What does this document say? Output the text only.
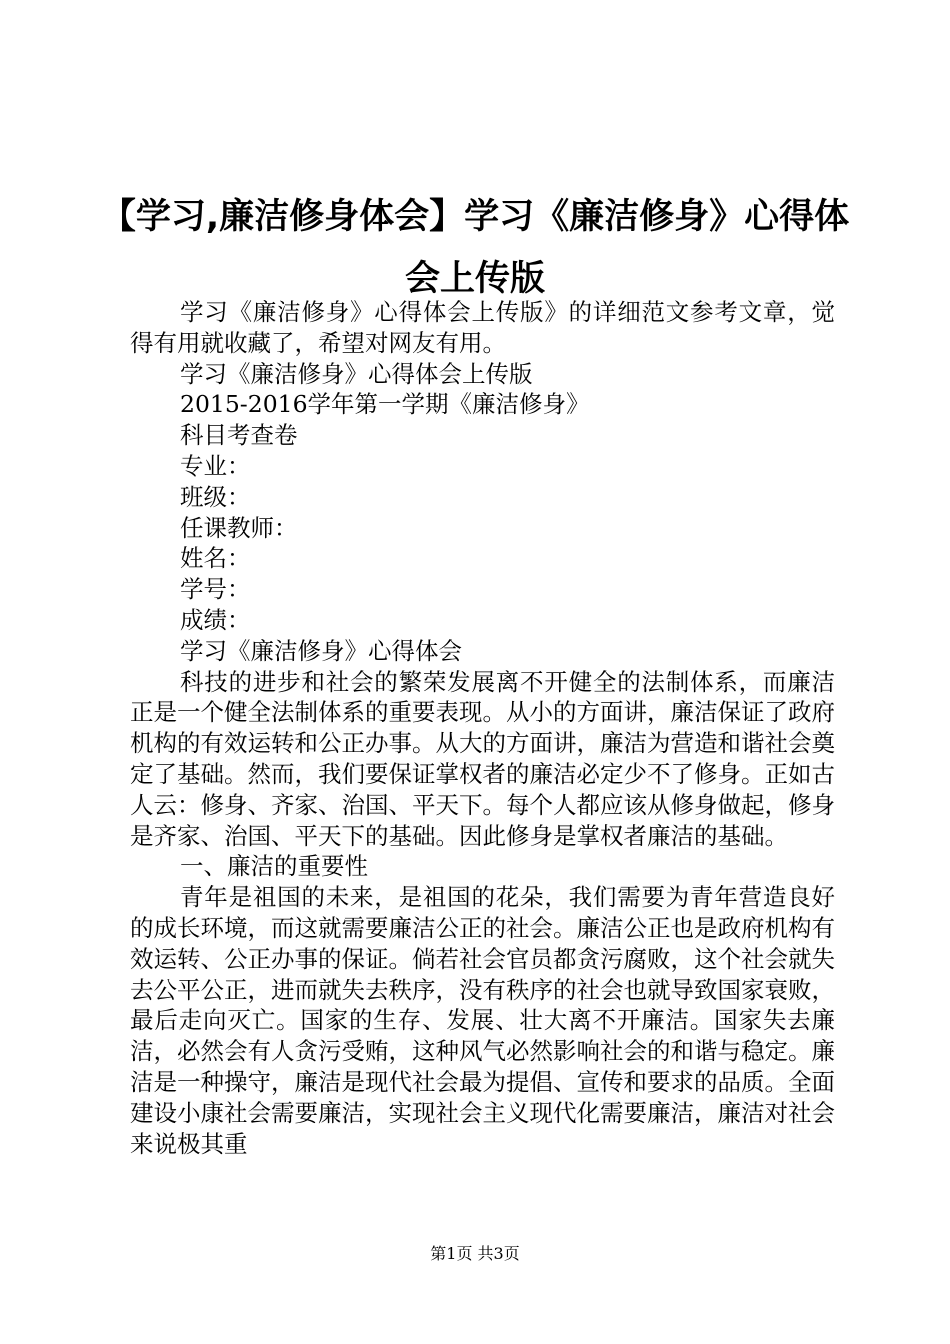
【学习,廉洁修身体会】学习《廉洁修身》心得体会上传版

学习《廉洁修身》心得体会上传版》的详细范文参考文章，觉得有用就收藏了，希望对网友有用。

学习《廉洁修身》心得体会上传版

2015-2016学年第一学期《廉洁修身》

科目考查卷

专业：

班级：

任课教师：

姓名：

学号：

成绩：

学习《廉洁修身》心得体会

科技的进步和社会的繁荣发展离不开健全的法制体系，而廉洁正是一个健全法制体系的重要表现。从小的方面讲，廉洁保证了政府机构的有效运转和公正办事。从大的方面讲，廉洁为营造和谐社会奠定了基础。然而，我们要保证掌权者的廉洁必定少不了修身。正如古人云：修身、齐家、治国、平天下。每个人都应该从修身做起，修身是齐家、治国、平天下的基础。因此修身是掌权者廉洁的基础。

一、廉洁的重要性

青年是祖国的未来，是祖国的花朵，我们需要为青年营造良好的成长环境，而这就需要廉洁公正的社会。廉洁公正也是政府机构有效运转、公正办事的保证。倘若社会官员都贪污腐败，这个社会就失去公平公正，进而就失去秩序，没有秩序的社会也就导致国家衰败，最后走向灭亡。国家的生存、发展、壮大离不开廉洁。国家失去廉洁，必然会有人贪污受贿，这种风气必然影响社会的和谐与稳定。廉洁是一种操守，廉洁是现代社会最为提倡、宣传和要求的品质。全面建设小康社会需要廉洁，实现社会主义现代化需要廉洁，廉洁对社会来说极其重

第1页 共3页
